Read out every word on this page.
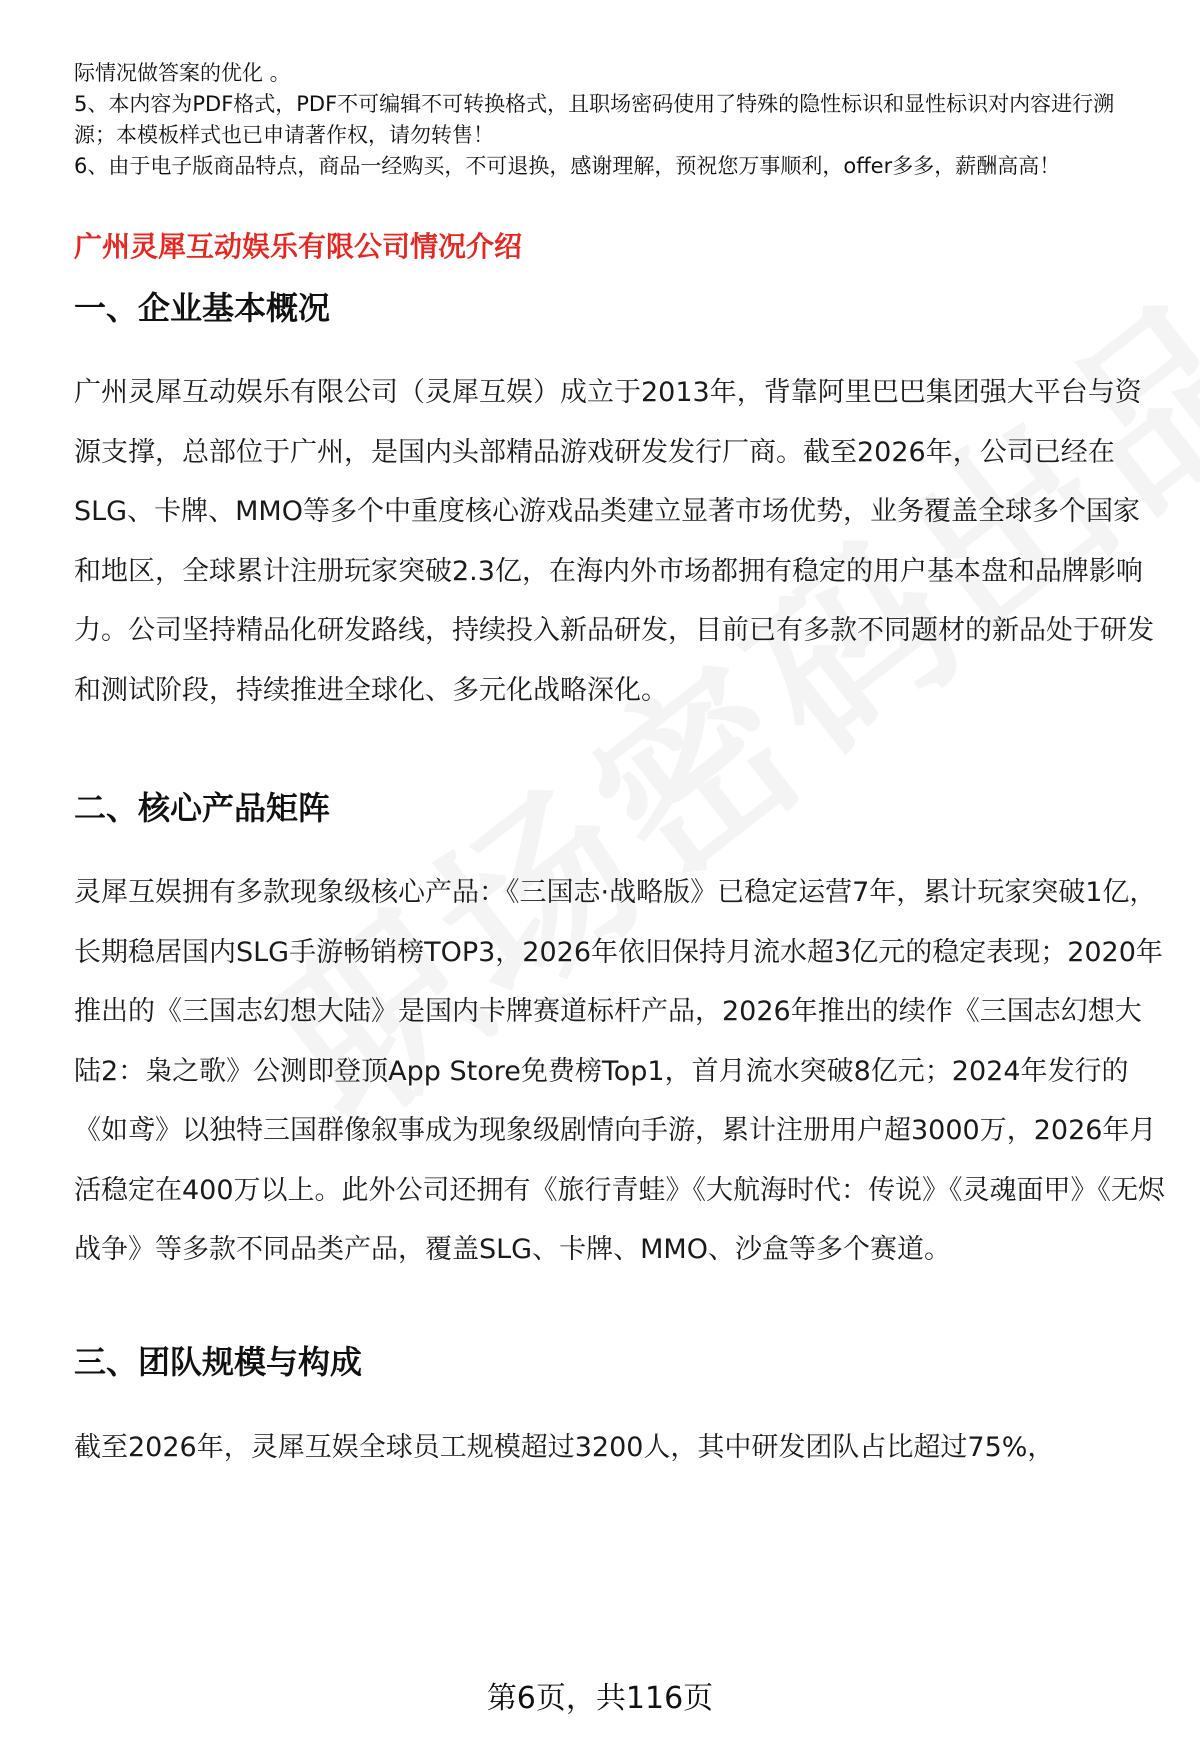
际情况做答案的优化 。

5、本内容为PDF格式，PDF不可编辑不可转换格式，且职场密码使用了特殊的隐性标识和显性标识对内容进行溯源；本模板样式也已申请著作权，请勿转售！

6、由于电子版商品特点，商品一经购买，不可退换，感谢理解，预祝您万事顺利，offer多多，薪酬高高！

广州灵犀互动娱乐有限公司情况介绍
一、企业基本概况

广州灵犀互动娱乐有限公司（灵犀互娱）成立于2013年，背靠阿里巴巴集团强大平台与资源支撑，总部位于广州，是国内头部精品游戏研发发行厂商。截至2026年，公司已经在SLG、卡牌、MMO等多个中重度核心游戏品类建立显著市场优势，业务覆盖全球多个国家和地区，全球累计注册玩家突破2.3亿，在海内外市场都拥有稳定的用户基本盘和品牌影响力。公司坚持精品化研发路线，持续投入新品研发，目前已有多款不同题材的新品处于研发和测试阶段，持续推进全球化、多元化战略深化。

二、核心产品矩阵

灵犀互娱拥有多款现象级核心产品：《三国志·战略版》已稳定运营7年，累计玩家突破1亿，长期稳居国内SLG手游畅销榜TOP3，2026年依旧保持月流水超3亿元的稳定表现；2020年推出的《三国志幻想大陆》是国内卡牌赛道标杆产品，2026年推出的续作《三国志幻想大陆2：枭之歌》公测即登顶App Store免费榜Top1，首月流水突破8亿元；2024年发行的《如鸢》以独特三国群像叙事成为现象级剧情向手游，累计注册用户超3000万，2026年月活稳定在400万以上。此外公司还拥有《旅行青蛙》《大航海时代：传说》《灵魂面甲》《无烬战争》等多款不同品类产品，覆盖SLG、卡牌、MMO、沙盒等多个赛道。

三、团队规模与构成

截至2026年，灵犀互娱全球员工规模超过3200人，其中研发团队占比超过75%，

第6页，共116页
